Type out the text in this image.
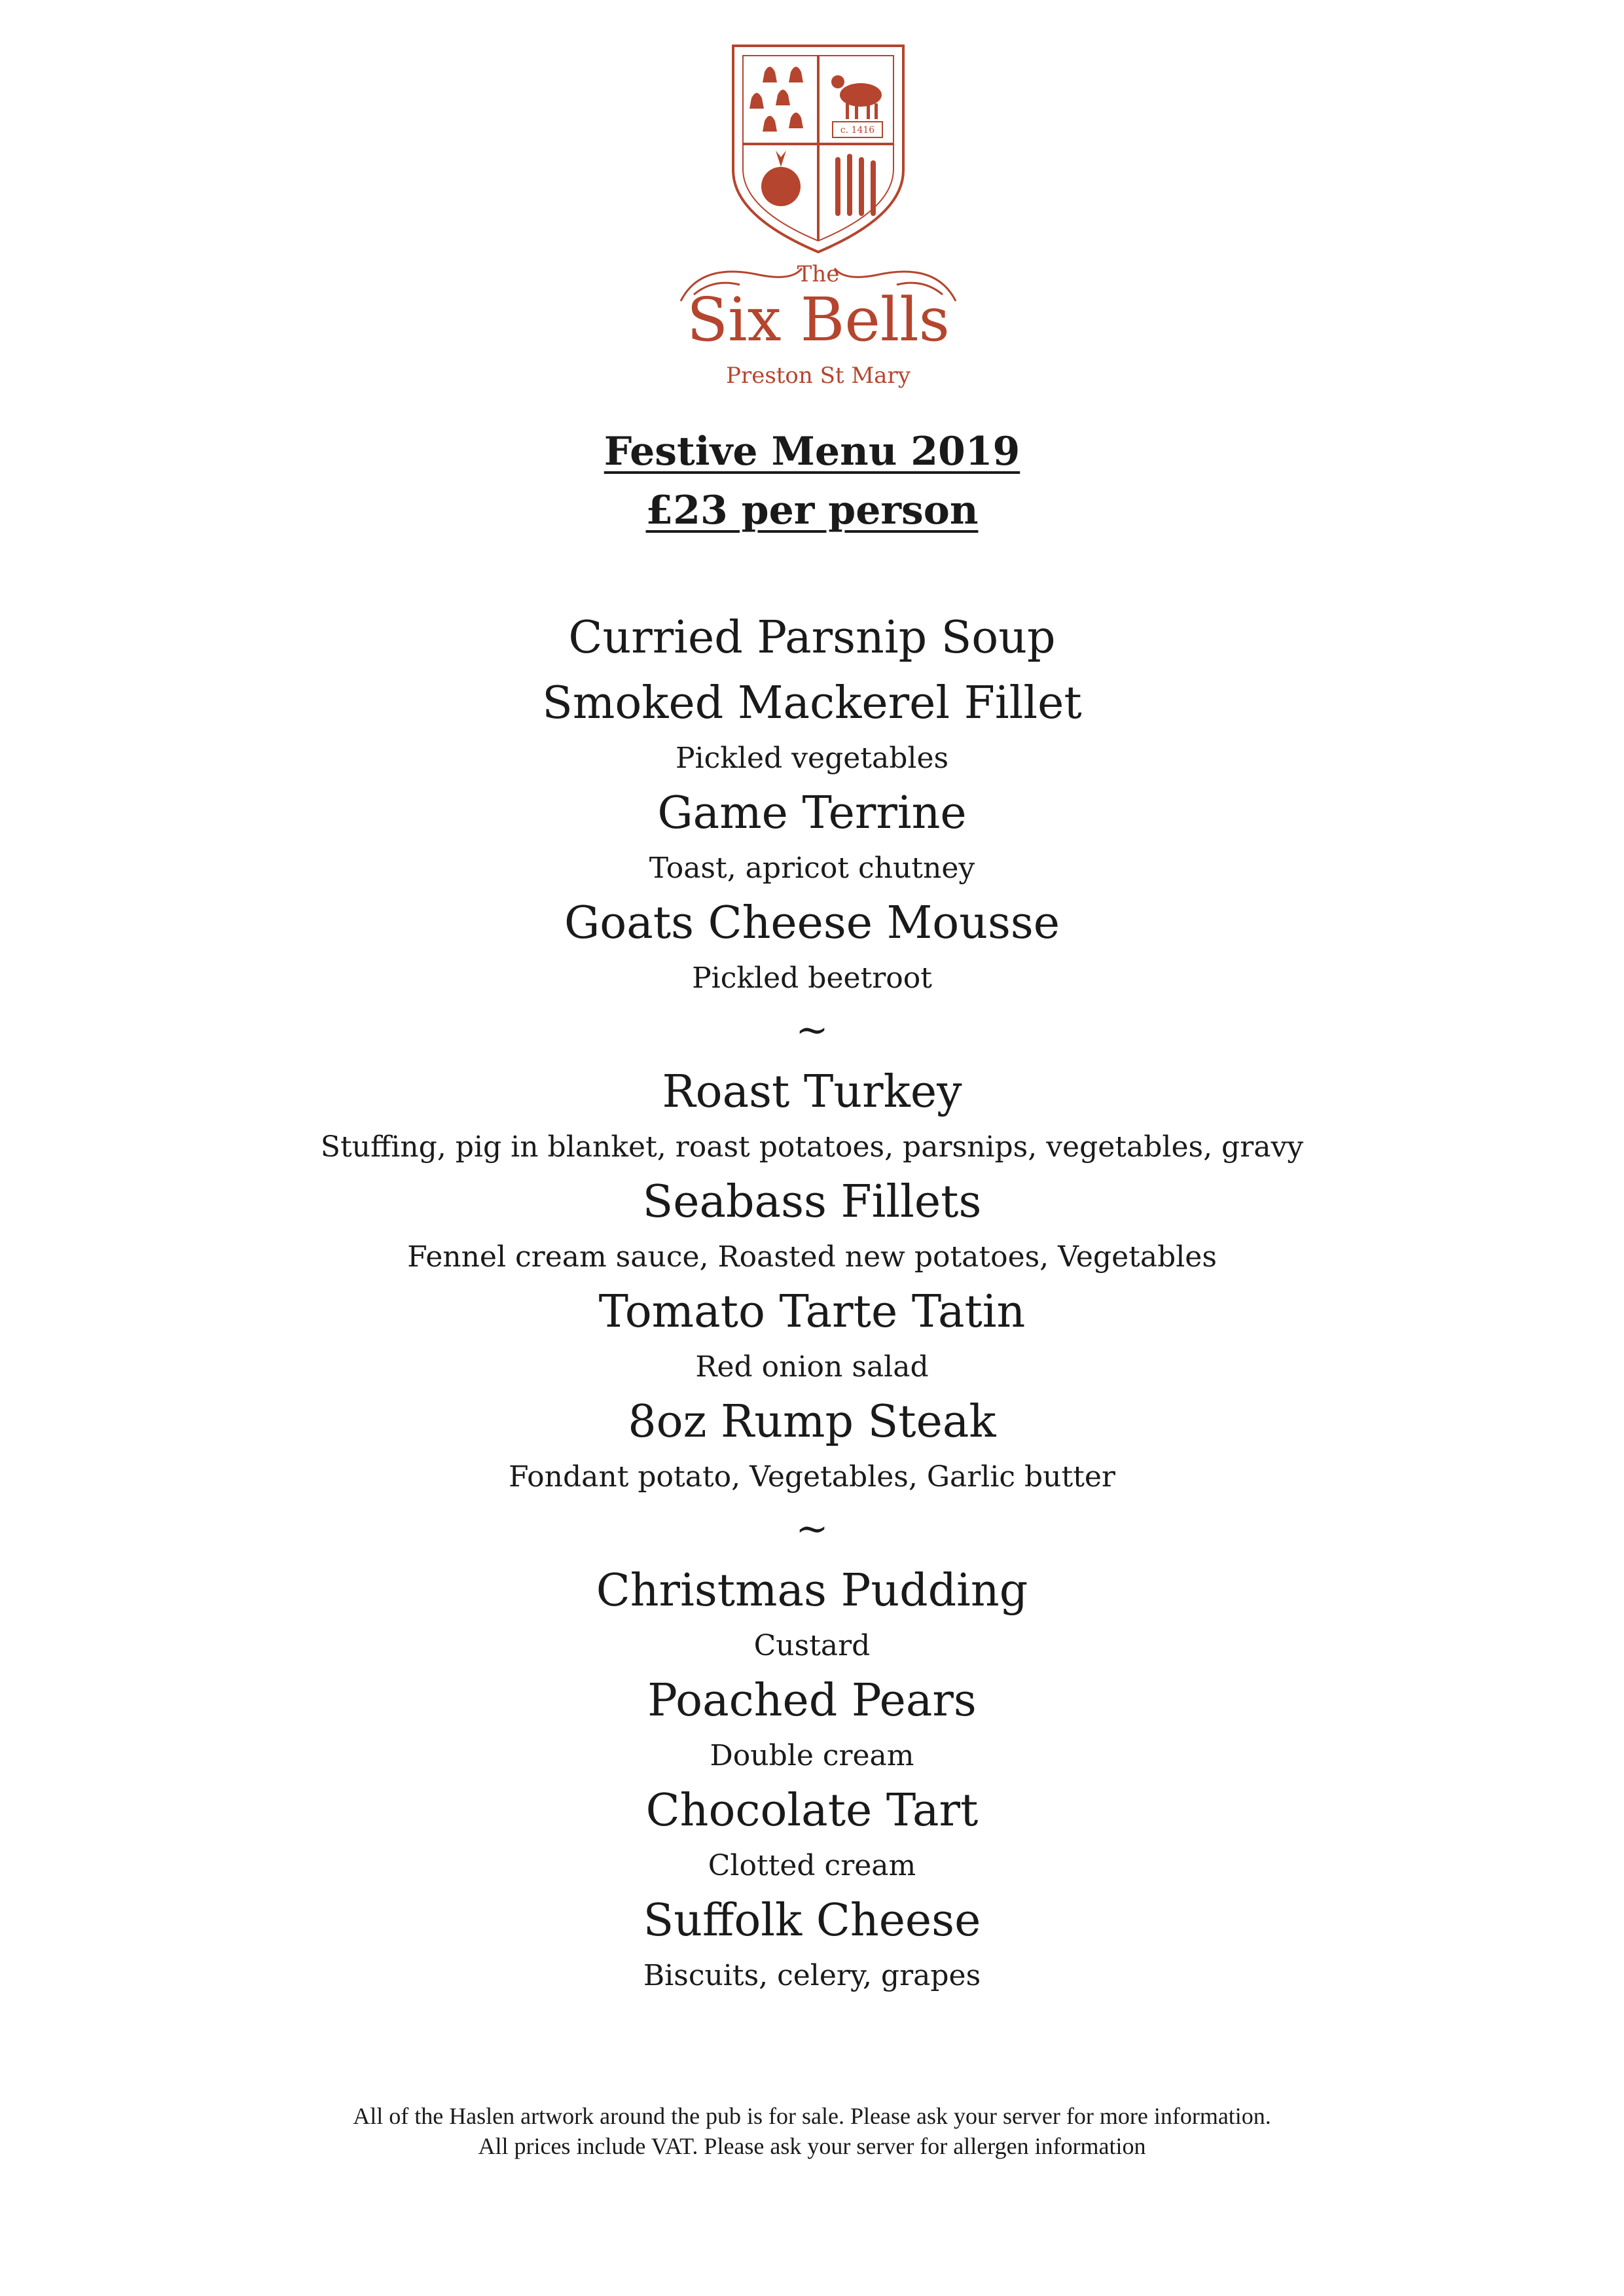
c. 1416
The
Six Bells
Preston St Mary
Festive Menu 2019
£23 per person
Curried Parsnip Soup
Smoked Mackerel Fillet
Pickled vegetables
Game Terrine
Toast, apricot chutney
Goats Cheese Mousse
Pickled beetroot
~
Roast Turkey
Stuffing, pig in blanket, roast potatoes, parsnips, vegetables, gravy
Seabass Fillets
Fennel cream sauce, Roasted new potatoes, Vegetables
Tomato Tarte Tatin
Red onion salad
8oz Rump Steak
Fondant potato, Vegetables, Garlic butter
~
Christmas Pudding
Custard
Poached Pears
Double cream
Chocolate Tart
Clotted cream
Suffolk Cheese
Biscuits, celery, grapes
All of the Haslen artwork around the pub is for sale. Please ask your server for more information.
All prices include VAT. Please ask your server for allergen information
